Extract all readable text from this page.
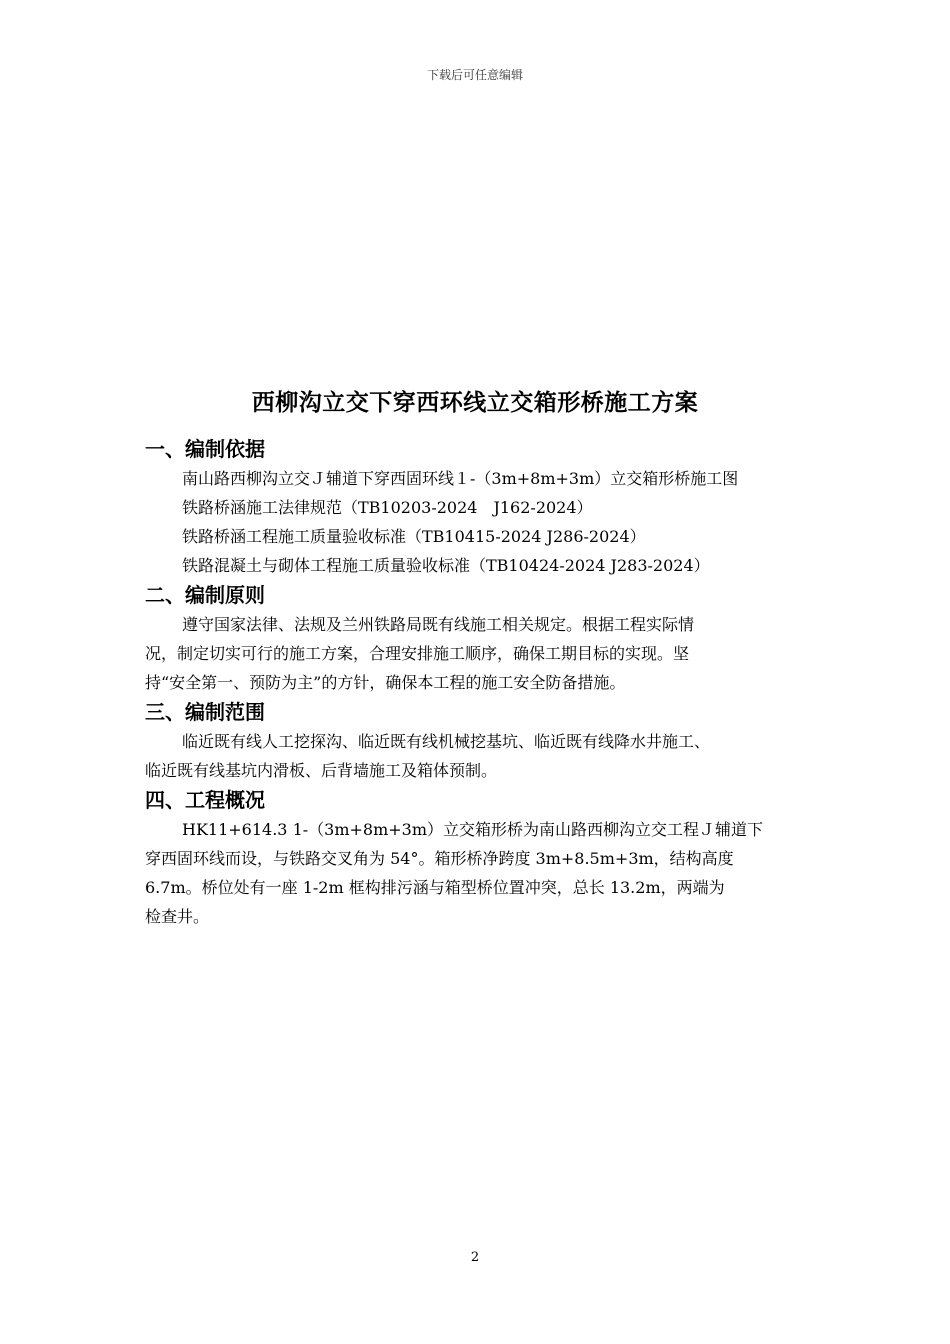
下载后可任意编辑
西柳沟立交下穿西环线立交箱形桥施工方案
一、编制依据

南山路西柳沟立交Ｊ辅道下穿西固环线１-（3m+8m+3m）立交箱形桥施工图

铁路桥涵施工法律规范（TB10203-2024　J162-2024）

铁路桥涵工程施工质量验收标准（TB10415-2024 J286-2024）

铁路混凝土与砌体工程施工质量验收标准（TB10424-2024 J283-2024）

二、编制原则

遵守国家法律、法规及兰州铁路局既有线施工相关规定。根据工程实际情

况，制定切实可行的施工方案，合理安排施工顺序，确保工期目标的实现。坚

持“安全第一、预防为主”的方针，确保本工程的施工安全防备措施。

三、编制范围

临近既有线人工挖探沟、临近既有线机械挖基坑、临近既有线降水井施工、

临近既有线基坑内滑板、后背墙施工及箱体预制。

四、工程概况

HK11+614.3 1-（3m+8m+3m）立交箱形桥为南山路西柳沟立交工程Ｊ辅道下

穿西固环线而设，与铁路交叉角为 54°。箱形桥净跨度 3m+8.5m+3m，结构高度

6.7m。桥位处有一座 1-2m 框构排污涵与箱型桥位置冲突，总长 13.2m，两端为

检查井。

2
